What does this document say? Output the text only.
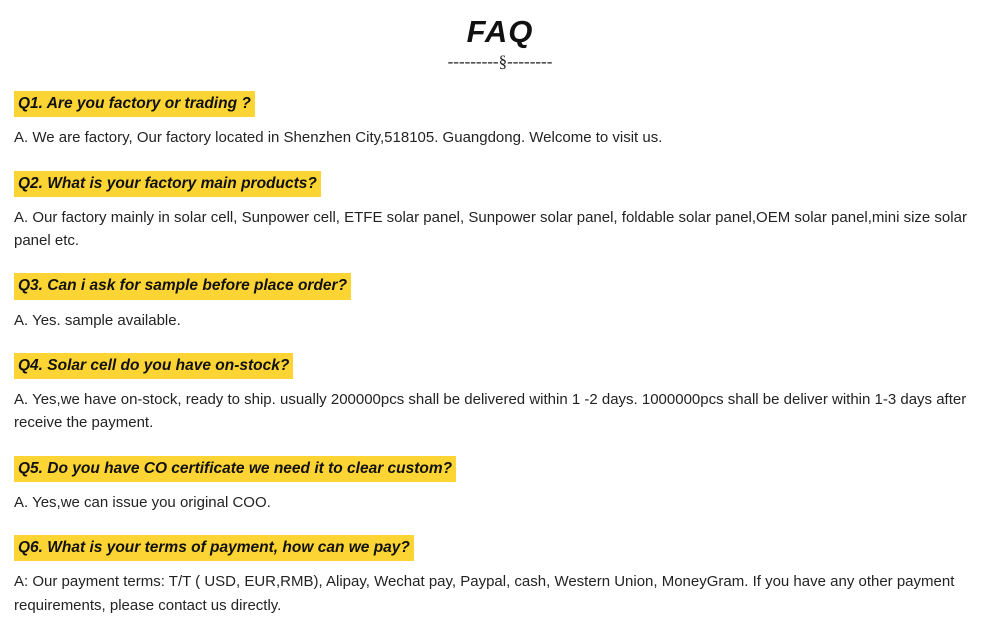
FAQ
---------§--------
Q1. Are you factory or trading ?
A. We are factory, Our factory located in Shenzhen City,518105. Guangdong. Welcome to visit us.
Q2. What is your factory main products?
A. Our factory mainly in solar cell, Sunpower cell, ETFE solar panel, Sunpower solar panel, foldable solar panel,OEM solar panel,mini size solar panel etc.
Q3. Can i ask for sample before place order?
A. Yes. sample available.
Q4. Solar cell do you have on-stock?
A. Yes,we have on-stock, ready to ship. usually 200000pcs shall be delivered within 1 -2 days. 1000000pcs shall be deliver within 1-3 days after receive the payment.
Q5. Do you have CO certificate we need it to clear custom?
A. Yes,we can issue you original COO.
Q6. What is your terms of payment, how can we pay?
A: Our payment terms: T/T ( USD, EUR,RMB), Alipay, Wechat pay, Paypal, cash, Western Union, MoneyGram. If you have any other payment requirements, please contact us directly.
